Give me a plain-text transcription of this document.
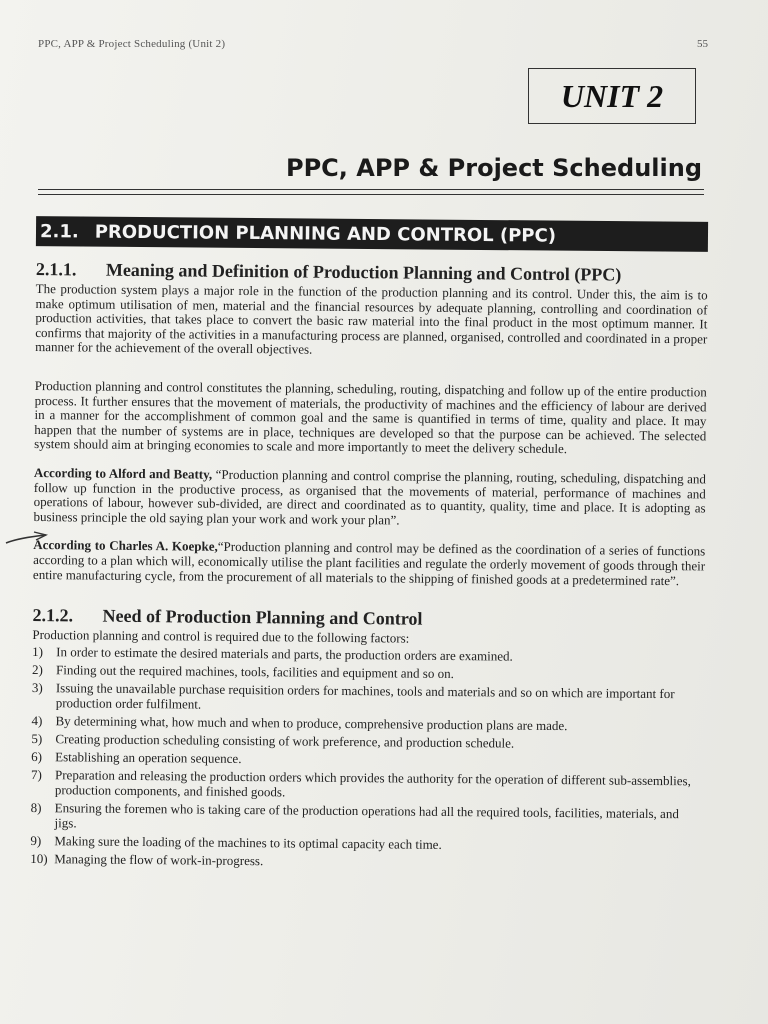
PPC, APP & Project Scheduling (Unit 2)	55
UNIT 2
PPC, APP & Project Scheduling
2.1. PRODUCTION PLANNING AND CONTROL (PPC)
2.1.1. Meaning and Definition of Production Planning and Control (PPC)

The production system plays a major role in the function of the production planning and its control. Under this, the aim is to make optimum utilisation of men, material and the financial resources by adequate planning, controlling and coordination of production activities, that takes place to convert the basic raw material into the final product in the most optimum manner. It confirms that majority of the activities in a manufacturing process are planned, organised, controlled and coordinated in a proper manner for the achievement of the overall objectives.

Production planning and control constitutes the planning, scheduling, routing, dispatching and follow up of the entire production process. It further ensures that the movement of materials, the productivity of machines and the efficiency of labour are derived in a manner for the accomplishment of common goal and the same is quantified in terms of time, quality and place. It may happen that the number of systems are in place, techniques are developed so that the purpose can be achieved. The selected system should aim at bringing economies to scale and more importantly to meet the delivery schedule.

According to Alford and Beatty, “Production planning and control comprise the planning, routing, scheduling, dispatching and follow up function in the productive process, as organised that the movements of material, performance of machines and operations of labour, however sub-divided, are direct and coordinated as to quantity, quality, time and place. It is adopting as business principle the old saying plan your work and work your plan”.

According to Charles A. Koepke,“Production planning and control may be defined as the coordination of a series of functions according to a plan which will, economically utilise the plant facilities and regulate the orderly movement of goods through their entire manufacturing cycle, from the procurement of all materials to the shipping of finished goods at a predetermined rate”.

2.1.2. Need of Production Planning and Control

Production planning and control is required due to the following factors:

1) In order to estimate the desired materials and parts, the production orders are examined.
2) Finding out the required machines, tools, facilities and equipment and so on.
3) Issuing the unavailable purchase requisition orders for machines, tools and materials and so on which are important for production order fulfilment.
4) By determining what, how much and when to produce, comprehensive production plans are made.
5) Creating production scheduling consisting of work preference, and production schedule.
6) Establishing an operation sequence.
7) Preparation and releasing the production orders which provides the authority for the operation of different sub-assemblies, production components, and finished goods.
8) Ensuring the foremen who is taking care of the production operations had all the required tools, facilities, materials, and jigs.
9) Making sure the loading of the machines to its optimal capacity each time.
10) Managing the flow of work-in-progress.
